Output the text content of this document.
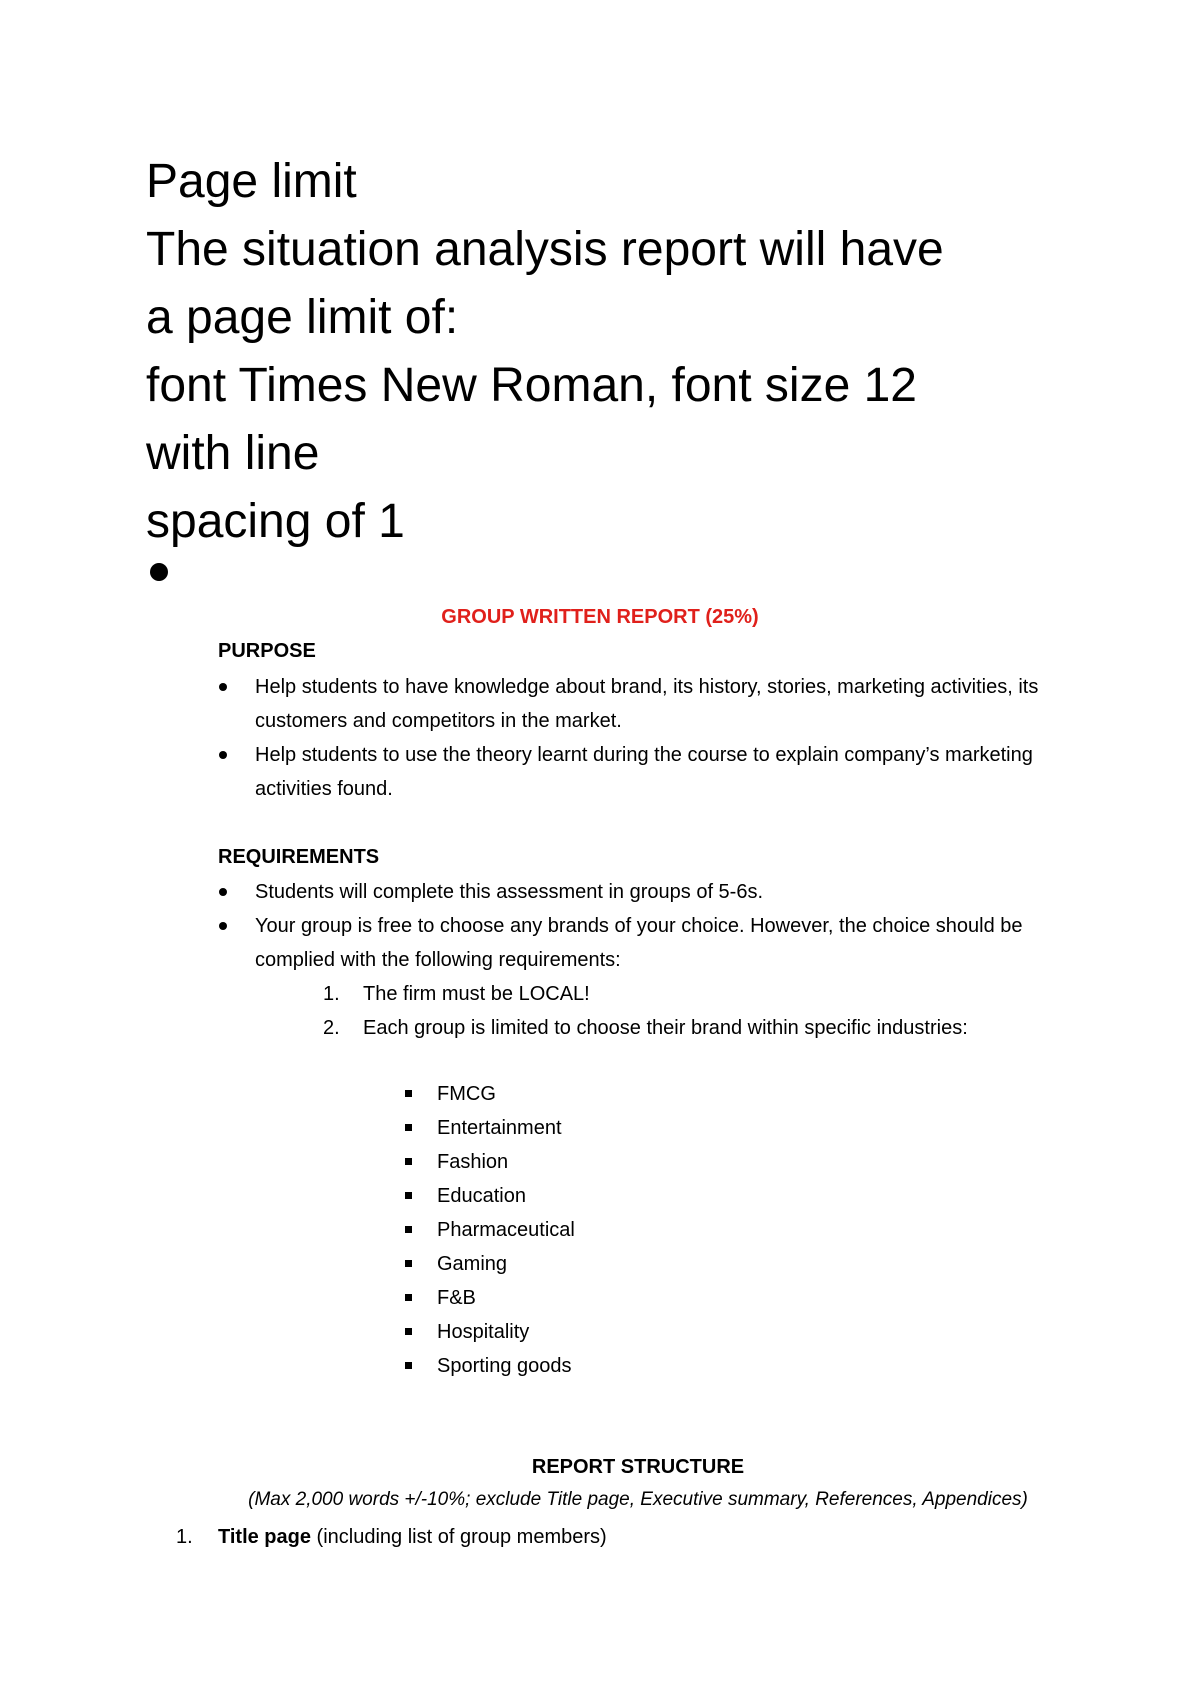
Page limit
The situation analysis report will have
a page limit of:
font Times New Roman, font size 12
with line
spacing of 1
GROUP WRITTEN REPORT (25%)
PURPOSE
Help students to have knowledge about brand, its history, stories, marketing activities, its customers and competitors in the market.
Help students to use the theory learnt during the course to explain company’s marketing activities found.
REQUIREMENTS
Students will complete this assessment in groups of 5-6s.
Your group is free to choose any brands of your choice. However, the choice should be complied with the following requirements:
1. The firm must be LOCAL!
2. Each group is limited to choose their brand within specific industries:
FMCG
Entertainment
Fashion
Education
Pharmaceutical
Gaming
F&B
Hospitality
Sporting goods
REPORT STRUCTURE
(Max 2,000 words +/-10%; exclude Title page, Executive summary, References, Appendices)
1. Title page (including list of group members)
